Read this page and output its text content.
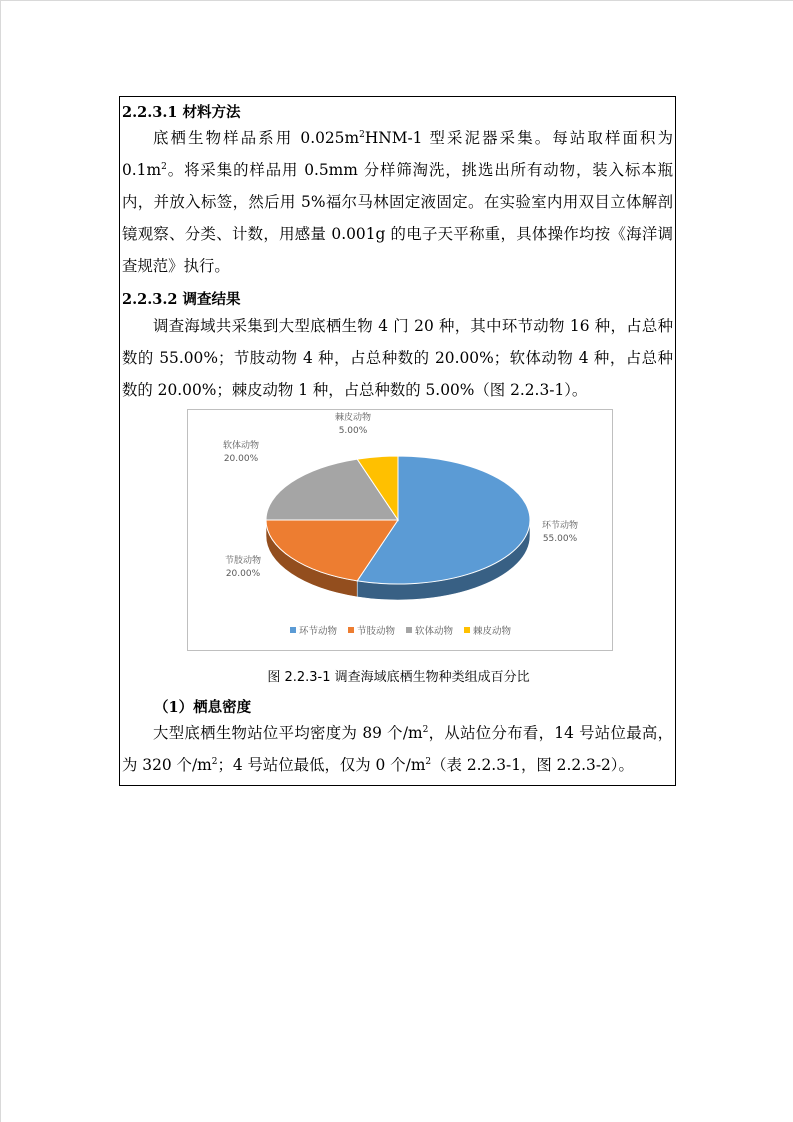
2.2.3.1 材料方法

底栖生物样品系用 $0.025m^2HNM-1$ 型采泥器采集。每站取样面积为 $0.1m^2$。将采集的样品用 0.5mm 分样筛淘洗，挑选出所有动物，装入标本瓶内，并放入标签，然后用 5%福尔马林固定液固定。在实验室内用双目立体解剖镜观察、分类、计数，用感量 0.001g 的电子天平称重，具体操作均按《海洋调查规范》执行。

2.2.3.2 调查结果

调查海域共采集到大型底栖生物 4 门 20 种，其中环节动物 16 种，占总种数的 55.00%；节肢动物 4 种，占总种数的 20.00%；软体动物 4 种，占总种数的 20.00%；棘皮动物 1 种，占总种数的 5.00%（图 2.2.3-1）。

环节动物
55.00%
节肢动物
20.00%
软体动物
20.00%
棘皮动物
5.00%
环节动物 节肢动物 软体动物 棘皮动物
图 2.2.3-1 调查海域底栖生物种类组成百分比
（1）栖息密度

大型底栖生物站位平均密度为 89 个$/m^2$，从站位分布看，14 号站位最高，为 320 个$/m^2$；4 号站位最低，仅为 0 个$/m^2$（表 2.2.3-1，图 2.2.3-2）。
